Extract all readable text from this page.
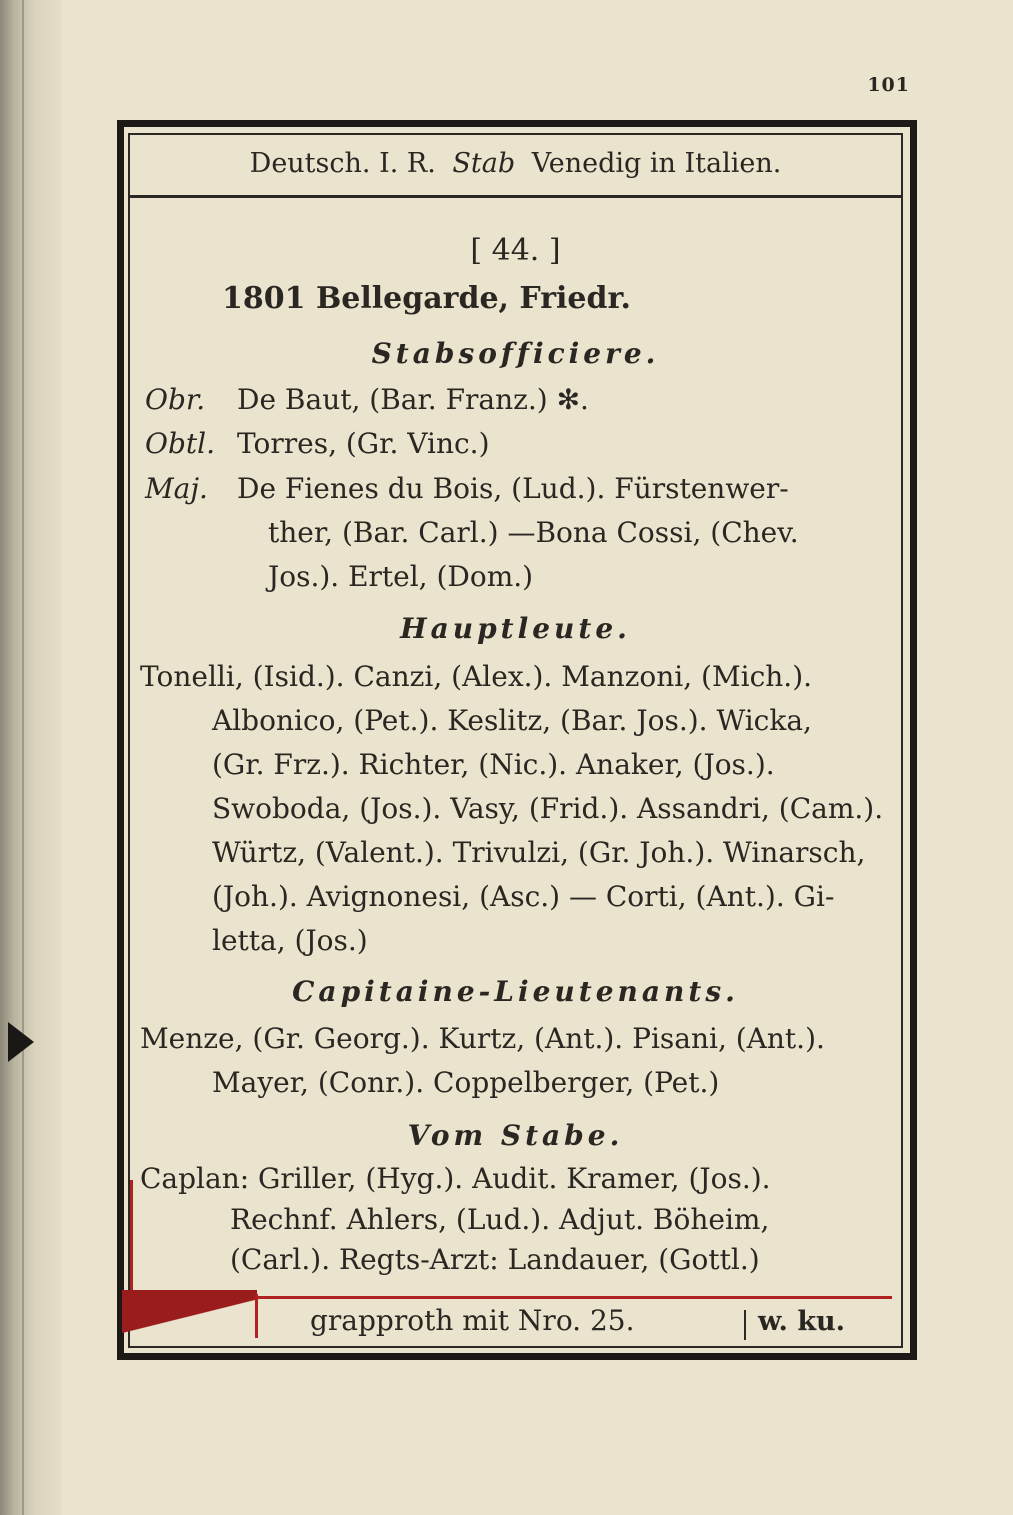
101
Deutsch. I. R. Stab Venedig in Italien.
[ 44. ]
1801 Bellegarde, Friedr.
Stabsofficiere.
Obr. De Baut, (Bar. Franz.) ✻.
Obtl. Torres, (Gr. Vinc.)
Maj. De Fienes du Bois, (Lud.). Fürstenwer-
ther, (Bar. Carl.) —Bona Cossi, (Chev.
Jos.). Ertel, (Dom.)
Hauptleute.
Tonelli, (Isid.). Canzi, (Alex.). Manzoni, (Mich.).
Albonico, (Pet.). Keslitz, (Bar. Jos.). Wicka,
(Gr. Frz.). Richter, (Nic.). Anaker, (Jos.).
Swoboda, (Jos.). Vasy, (Frid.). Assandri, (Cam.).
Würtz, (Valent.). Trivulzi, (Gr. Joh.). Winarsch,
(Joh.). Avignonesi, (Asc.) — Corti, (Ant.). Gi-
letta, (Jos.)
Capitaine-Lieutenants.
Menze, (Gr. Georg.). Kurtz, (Ant.). Pisani, (Ant.).
Mayer, (Conr.). Coppelberger, (Pet.)
Vom Stabe.
Caplan: Griller, (Hyg.). Audit. Kramer, (Jos.).
Rechnf. Ahlers, (Lud.). Adjut. Böheim,
(Carl.). Regts-Arzt: Landauer, (Gottl.)
grapproth mit Nro. 25.	w. ku.
